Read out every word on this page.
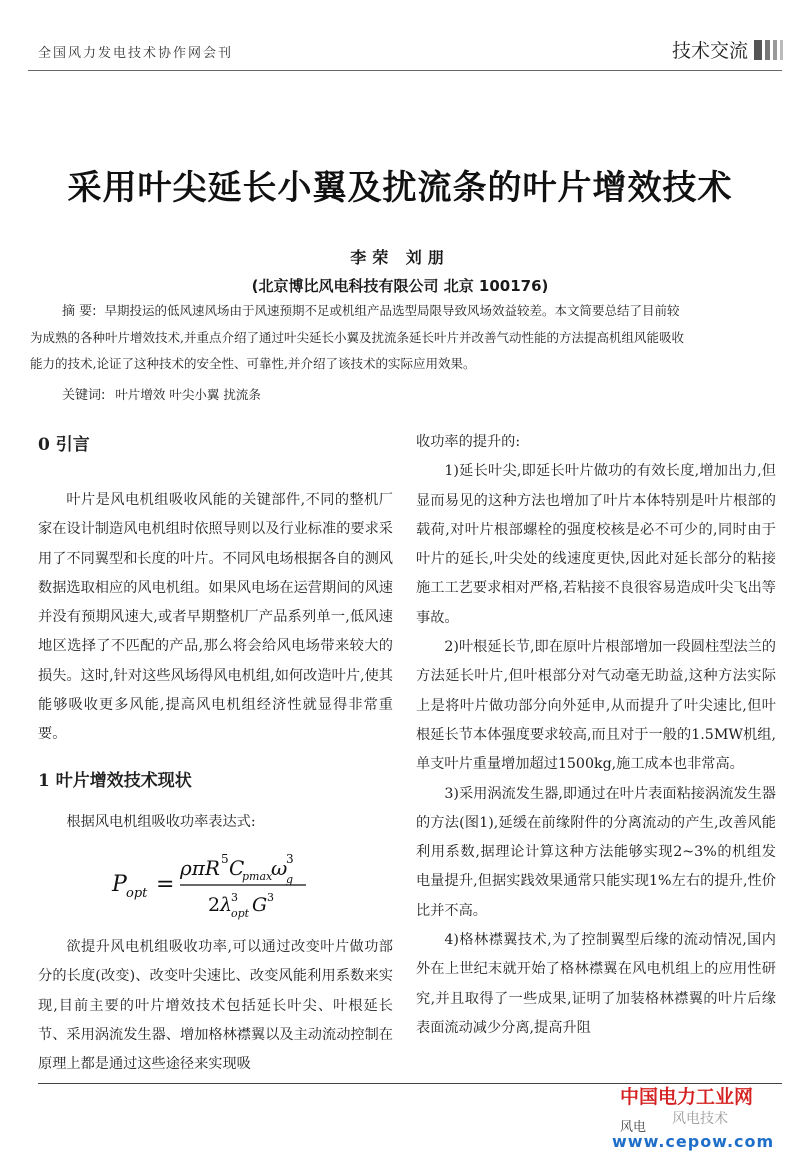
全国风力发电技术协作网会刊	技术交流
采用叶尖延长小翼及扰流条的叶片增效技术
李荣 刘朋
(北京博比风电科技有限公司 北京 100176)
摘 要: 早期投运的低风速风场由于风速预期不足或机组产品选型局限导致风场效益较差。本文简要总结了目前较
为成熟的各种叶片增效技术,并重点介绍了通过叶尖延长小翼及扰流条延长叶片并改善气动性能的方法提高机组风能吸收
能力的技术,论证了这种技术的安全性、可靠性,并介绍了该技术的实际应用效果。
关键词: 叶片增效 叶尖小翼 扰流条
0 引言

叶片是风电机组吸收风能的关键部件,不同的整机厂家在设计制造风电机组时依照导则以及行业标准的要求采用了不同翼型和长度的叶片。不同风电场根据各自的测风数据选取相应的风电机组。如果风电场在运营期间的风速并没有预期风速大,或者早期整机厂产品系列单一,低风速地区选择了不匹配的产品,那么将会给风电场带来较大的损失。这时,针对这些风场得风电机组,如何改造叶片,使其能够吸收更多风能,提高风电机组经济性就显得非常重要。

1 叶片增效技术现状

根据风电机组吸收功率表达式:

P opt =
ρπR 5 C
pmax
ω
3
g
2 λ
3
opt G 3

欲提升风电机组吸收功率,可以通过改变叶片做功部分的长度(改变)、改变叶尖速比、改变风能利用系数来实现,目前主要的叶片增效技术包括延长叶尖、叶根延长节、采用涡流发生器、增加格林襟翼以及主动流动控制在原理上都是通过这些途径来实现吸

收功率的提升的:

1)延长叶尖,即延长叶片做功的有效长度,增加出力,但显而易见的这种方法也增加了叶片本体特别是叶片根部的载荷,对叶片根部螺栓的强度校核是必不可少的,同时由于叶片的延长,叶尖处的线速度更快,因此对延长部分的粘接施工工艺要求相对严格,若粘接不良很容易造成叶尖飞出等事故。

2)叶根延长节,即在原叶片根部增加一段圆柱型法兰的方法延长叶片,但叶根部分对气动毫无助益,这种方法实际上是将叶片做功部分向外延申,从而提升了叶尖速比,但叶根延长节本体强度要求较高,而且对于一般的1.5MW机组,单支叶片重量增加超过1500kg,施工成本也非常高。

3)采用涡流发生器,即通过在叶片表面粘接涡流发生器的方法(图1),延缓在前缘附件的分离流动的产生,改善风能利用系数,据理论计算这种方法能够实现2~3%的机组发电量提升,但据实践效果通常只能实现1%左右的提升,性价比并不高。

4)格林襟翼技术,为了控制翼型后缘的流动情况,国内外在上世纪末就开始了格林襟翼在风电机组上的应用性研究,并且取得了一些成果,证明了加装格林襟翼的叶片后缘表面流动减少分离,提高升阻

风电
中国电力工业网
风电技术
www.cepow.com
